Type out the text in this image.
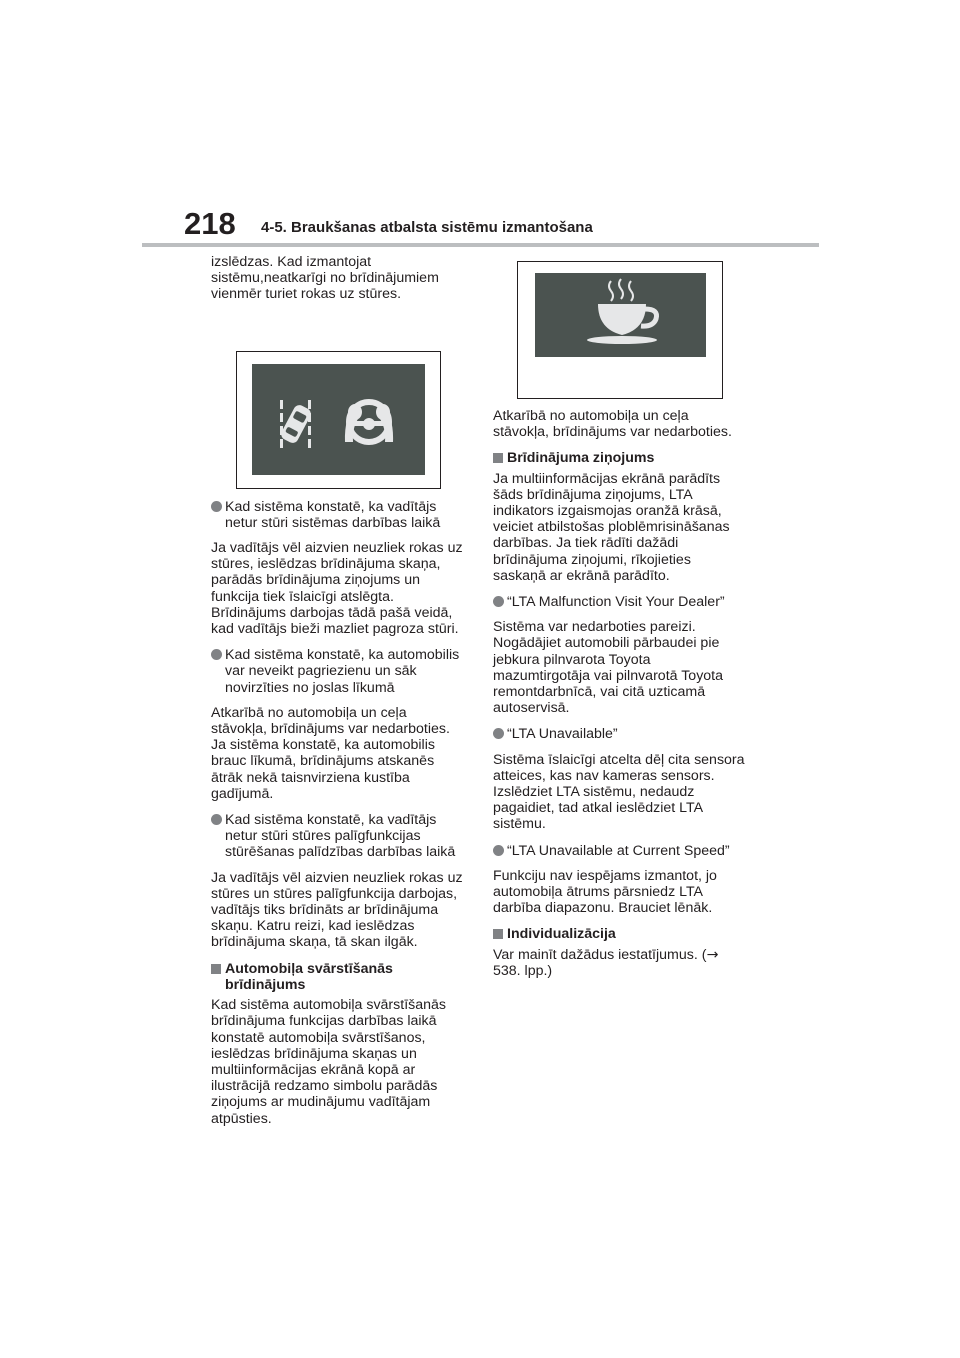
218 4-5. Braukšanas atbalsta sistēmu izmantošana

izslēdzas. Kad izmantojat
sistēmu,neatkarīgi no brīdinājumiem
vienmēr turiet rokas uz stūres.

Kad sistēma konstatē, ka vadītājs
netur stūri sistēmas darbības laikā

Ja vadītājs vēl aizvien neuzliek rokas uz
stūres, ieslēdzas brīdinājuma skaņa,
parādās brīdinājuma ziņojums un
funkcija tiek īslaicīgi atslēgta.
Brīdinājums darbojas tādā pašā veidā,
kad vadītājs bieži mazliet pagroza stūri.

Kad sistēma konstatē, ka automobilis
var neveikt pagriezienu un sāk
novirzīties no joslas līkumā

Atkarībā no automobiļa un ceļa
stāvokļa, brīdinājums var nedarboties.
Ja sistēma konstatē, ka automobilis
brauc līkumā, brīdinājums atskanēs
ātrāk nekā taisnvirziena kustība
gadījumā.

Kad sistēma konstatē, ka vadītājs
netur stūri stūres palīgfunkcijas
stūrēšanas palīdzības darbības laikā

Ja vadītājs vēl aizvien neuzliek rokas uz
stūres un stūres palīgfunkcija darbojas,
vadītājs tiks brīdināts ar brīdinājuma
skaņu. Katru reizi, kad ieslēdzas
brīdinājuma skaņa, tā skan ilgāk.

Automobiļa svārstīšanās
brīdinājums

Kad sistēma automobiļa svārstīšanās
brīdinājuma funkcijas darbības laikā
konstatē automobiļa svārstīšanos,
ieslēdzas brīdinājuma skaņas un
multiinformācijas ekrānā kopā ar
ilustrācijā redzamo simbolu parādās
ziņojums ar mudinājumu vadītājam
atpūsties.

Atkarībā no automobiļa un ceļa
stāvokļa, brīdinājums var nedarboties.

Brīdinājuma ziņojums

Ja multiinformācijas ekrānā parādīts
šāds brīdinājuma ziņojums, LTA
indikators izgaismojas oranžā krāsā,
veiciet atbilstošas ploblēmrisināšanas
darbības. Ja tiek rādīti dažādi
brīdinājuma ziņojumi, rīkojieties
saskaņā ar ekrānā parādīto.

“LTA Malfunction Visit Your Dealer”

Sistēma var nedarboties pareizi.
Nogādājiet automobili pārbaudei pie
jebkura pilnvarota Toyota
mazumtirgotāja vai pilnvarotā Toyota
remontdarbnīcā, vai citā uzticamā
autoservisā.

“LTA Unavailable”

Sistēma īslaicīgi atcelta dēļ cita sensora
atteices, kas nav kameras sensors.
Izslēdziet LTA sistēmu, nedaudz
pagaidiet, tad atkal ieslēdziet LTA
sistēmu.

“LTA Unavailable at Current Speed”

Funkciju nav iespējams izmantot, jo
automobiļa ātrums pārsniedz LTA
darbība diapazonu. Brauciet lēnāk.

Individualizācija

Var mainīt dažādus iestatījumus. (→
538. lpp.)
